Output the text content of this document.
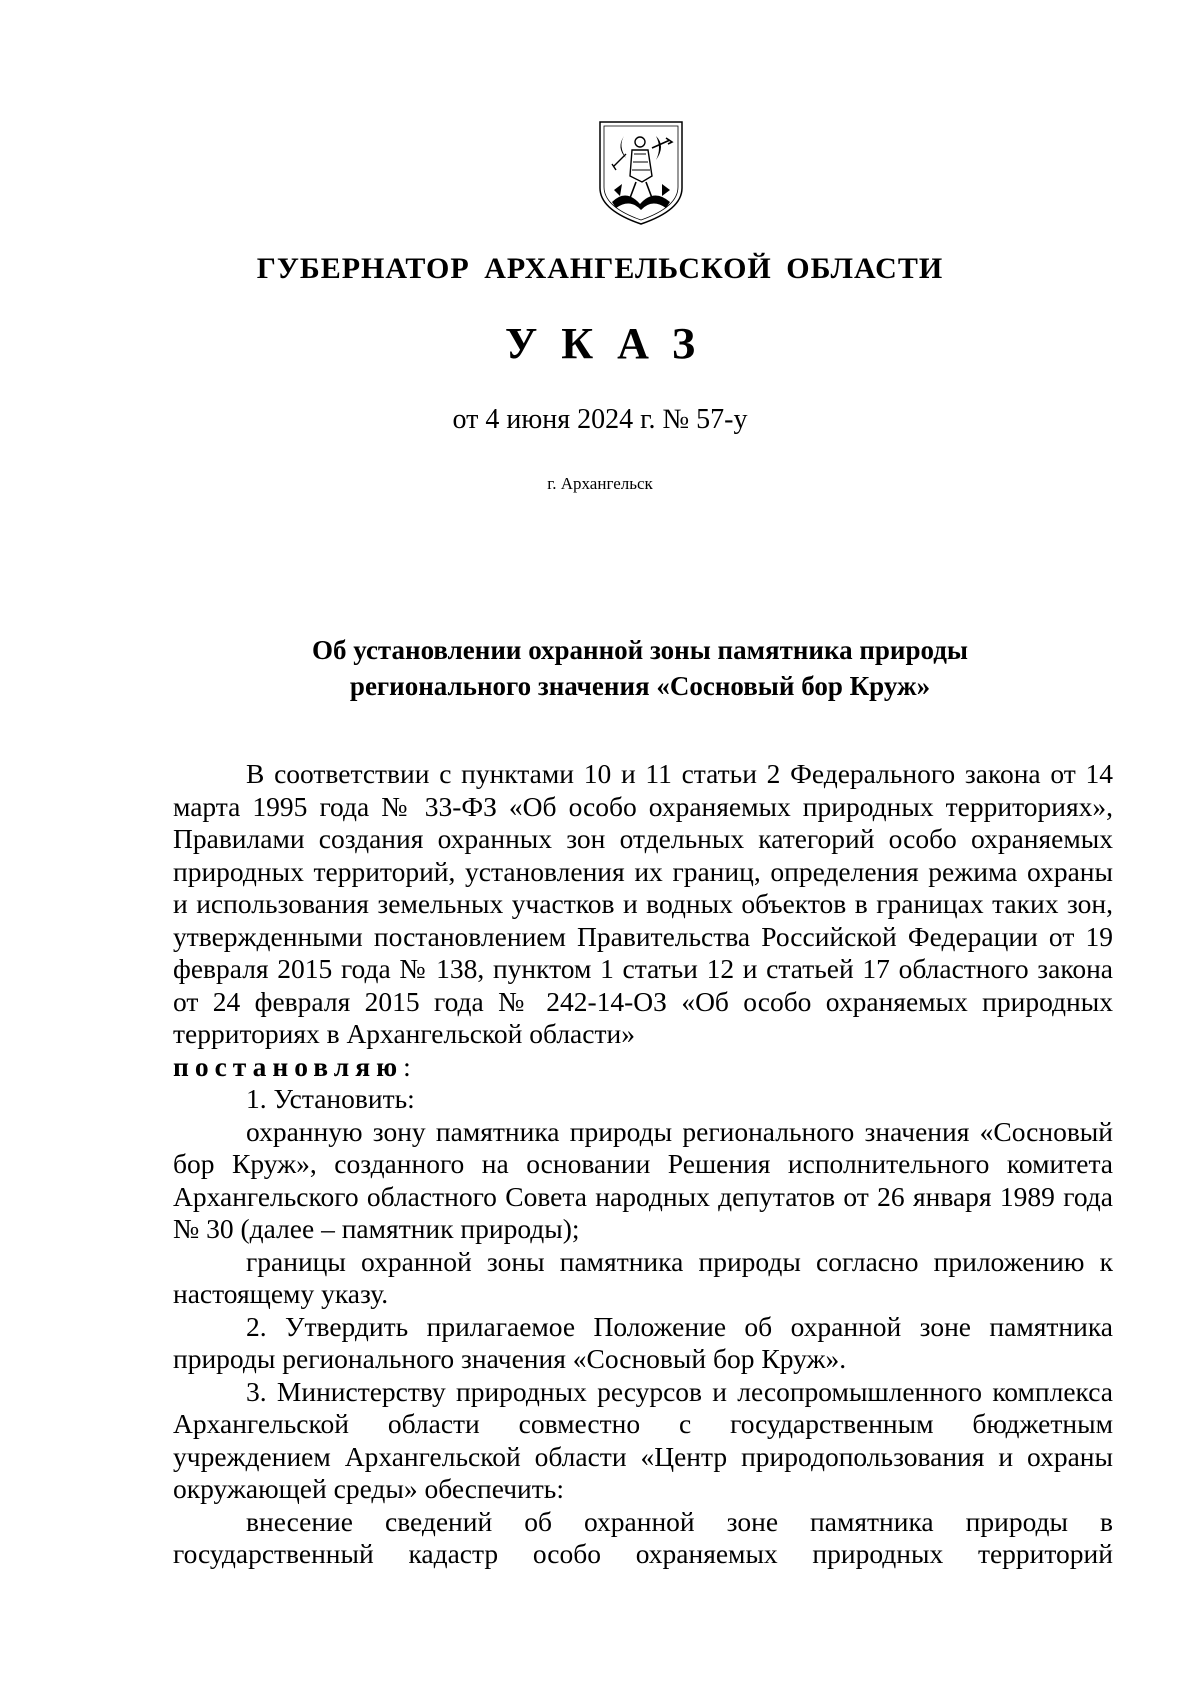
ГУБЕРНАТОР АРХАНГЕЛЬСКОЙ ОБЛАСТИ
УКАЗ
от 4 июня 2024 г. № 57-у
г. Архангельск
Об установлении охранной зоны памятника природы
регионального значения «Сосновый бор Круж»

В соответствии с пунктами 10 и 11 статьи 2 Федерального закона от 14 марта 1995 года № 33-ФЗ «Об особо охраняемых природных территориях», Правилами создания охранных зон отдельных категорий особо охраняемых природных территорий, установления их границ, определения режима охраны и использования земельных участков и водных объектов в границах таких зон, утвержденными постановлением Правительства Российской Федерации от 19 февраля 2015 года № 138, пунктом 1 статьи 12 и статьей 17 областного закона от 24 февраля 2015 года № 242-14-ОЗ «Об особо охраняемых природных территориях в Архангельской области»

постановляю:

1. Установить:

охранную зону памятника природы регионального значения «Сосновый бор Круж», созданного на основании Решения исполнительного комитета Архангельского областного Совета народных депутатов от 26 января 1989 года № 30 (далее – памятник природы);

границы охранной зоны памятника природы согласно приложению к настоящему указу.

2. Утвердить прилагаемое Положение об охранной зоне памятника природы регионального значения «Сосновый бор Круж».

3. Министерству природных ресурсов и лесопромышленного комплекса Архангельской области совместно с государственным бюджетным учреждением Архангельской области «Центр природопользования и охраны окружающей среды» обеспечить:

внесение сведений об охранной зоне памятника природы в государственный кадастр особо охраняемых природных территорий
